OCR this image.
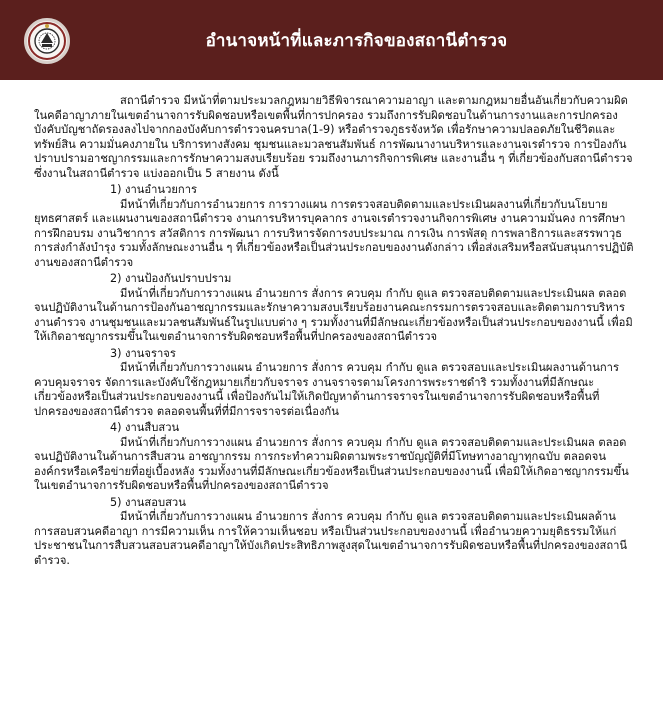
อำนาจหน้าที่และภารกิจของสถานีตำรวจ

สถานีตำรวจ มีหน้าที่ตามประมวลกฎหมายวิธีพิจารณาความอาญา และตามกฎหมายอื่นอันเกี่ยวกับความผิดในคดีอาญาภายในเขตอำนาจการรับผิดชอบหรือเขตพื้นที่การปกครอง รวมถึงการรับผิดชอบในด้านการงานและการปกครองบังคับบัญชาถัดรองลงไปจากกองบังคับการตำรวจนครบาล(1-9) หรือตำรวจภูธรจังหวัด เพื่อรักษาความปลอดภัยในชีวิตและทรัพย์สิน ความมั่นคงภายใน บริการทางสังคม ชุมชนและมวลชนสัมพันธ์ การพัฒนางานบริหารและงานจเรตำรวจ การป้องกันปราบปรามอาชญากรรมและการรักษาความสงบเรียบร้อย รวมถึงงานภารกิจการพิเศษ และงานอื่น ๆ ที่เกี่ยวข้องกับสถานีตำรวจ ซึ่งงานในสถานีตำรวจ แบ่งออกเป็น 5 สายงาน ดังนี้

1) งานอำนวยการ

มีหน้าที่เกี่ยวกับการอำนวยการ การวางแผน การตรวจสอบติดตามและประเมินผลงานที่เกี่ยวกับนโยบาย ยุทธศาสตร์ และแผนงานของสถานีตำรวจ งานการบริหารบุคลากร งานจเรตำรวจงานกิจการพิเศษ งานความมั่นคง การศึกษา การฝึกอบรม งานวิชาการ สวัสดิการ การพัฒนา การบริหารจัดการงบประมาณ การเงิน การพัสดุ การพลาธิการและสรรพาวุธ การส่งกำลังบำรุง รวมทั้งลักษณะงานอื่น ๆ ที่เกี่ยวข้องหรือเป็นส่วนประกอบของงานดังกล่าว เพื่อส่งเสริมหรือสนับสนุนการปฏิบัติงานของสถานีตำรวจ

2) งานป้องกันปราบปราม

มีหน้าที่เกี่ยวกับการวางแผน อำนวยการ สั่งการ ควบคุม กำกับ ดูแล ตรวจสอบติดตามและประเมินผล ตลอดจนปฏิบัติงานในด้านการป้องกันอาชญากรรมและรักษาความสงบเรียบร้อยงานคณะกรรมการตรวจสอบและติดตามการบริหารงานตำรวจ งานชุมชนและมวลชนสัมพันธ์ในรูปแบบต่าง ๆ รวมทั้งงานที่มีลักษณะเกี่ยวข้องหรือเป็นส่วนประกอบของงานนี้ เพื่อมิให้เกิดอาชญากรรมขึ้นในเขตอำนาจการรับผิดชอบหรือพื้นที่ปกครองของสถานีตำรวจ

3) งานจราจร

มีหน้าที่เกี่ยวกับการวางแผน อำนวยการ สั่งการ ควบคุม กำกับ ดูแล ตรวจสอบและประเมินผลงานด้านการควบคุมจราจร จัดการและบังคับใช้กฎหมายเกี่ยวกับจราจร งานจราจรตามโครงการพระราชดำริ รวมทั้งงานที่มีลักษณะเกี่ยวข้องหรือเป็นส่วนประกอบของงานนี้ เพื่อป้องกันไม่ให้เกิดปัญหาด้านการจราจรในเขตอำนาจการรับผิดชอบหรือพื้นที่ปกครองของสถานีตำรวจ ตลอดจนพื้นที่ที่มีการจราจรต่อเนื่องกัน

4) งานสืบสวน

มีหน้าที่เกี่ยวกับการวางแผน อำนวยการ สั่งการ ควบคุม กำกับ ดูแล ตรวจสอบติดตามและประเมินผล ตลอดจนปฏิบัติงานในด้านการสืบสวน อาชญากรรม การกระทำความผิดตามพระราชบัญญัติที่มีโทษทางอาญาทุกฉบับ ตลอดจนองค์กรหรือเครือข่ายที่อยู่เบื้องหลัง รวมทั้งงานที่มีลักษณะเกี่ยวข้องหรือเป็นส่วนประกอบของงานนี้ เพื่อมิให้เกิดอาชญากรรมขึ้นในเขตอำนาจการรับผิดชอบหรือพื้นที่ปกครองของสถานีตำรวจ

5) งานสอบสวน

มีหน้าที่เกี่ยวกับการวางแผน อำนวยการ สั่งการ ควบคุม กำกับ ดูแล ตรวจสอบติดตามและประเมินผลด้านการสอบสวนคดีอาญา การมีความเห็น การให้ความเห็นชอบ หรือเป็นส่วนประกอบของงานนี้ เพื่ออำนวยความยุติธรรมให้แก่ประชาชนในการสืบสวนสอบสวนคดีอาญาให้บังเกิดประสิทธิภาพสูงสุดในเขตอำนาจการรับผิดชอบหรือพื้นที่ปกครองของสถานีตำรวจ.
